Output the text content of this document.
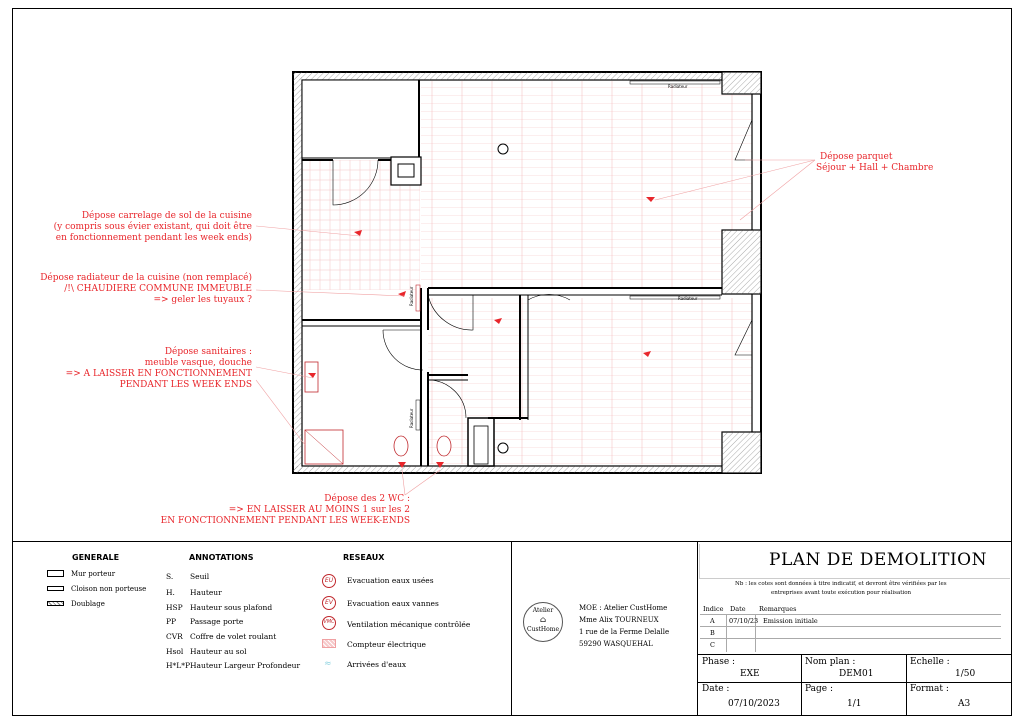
Radiateur
Radiateur
Radiateur
Radiateur
Dépose parquet
Séjour + Hall + Chambre
Dépose carrelage de sol de la cuisine
(y compris sous évier existant, qui doit être
en fonctionnement pendant les week ends)
Dépose radiateur de la cuisine (non remplacé)
/!\ CHAUDIERE COMMUNE IMMEUBLE
=> geler les tuyaux ?
Dépose sanitaires :
meuble vasque, douche
=> A LAISSER EN FONCTIONNEMENT
PENDANT LES WEEK ENDS
Dépose des 2 WC :
=> EN LAISSER AU MOINS 1 sur les 2
EN FONCTIONNEMENT PENDANT LES WEEK-ENDS
GENERALE
Mur porteur
Cloison non porteuse
Doublage
ANNOTATIONS
S. Seuil
H. Hauteur
HSP Hauteur sous plafond
PP Passage porte
CVR Coffre de volet roulant
Hsol Hauteur au sol
H*L*P Hauteur Largeur Profondeur
RESEAUX
EU	Evacuation eaux usées
EV	Evacuation eaux vannes
VMC Ventilation mécanique contrôlée
Compteur électrique
≈ Arrivées d'eaux
Atelier
⌂
CustHome
MOE : Atelier CustHome
Mme Alix TOURNEUX
1 rue de la Ferme Delalle
59290 WASQUEHAL
PLAN DE DEMOLITION
Nb : les cotes sont données à titre indicatif, et devront être vérifiées par les
entreprises avant toute exécution pour réalisation
Indice Date Remarques
A 07/10/23 Emission initiale
B
C
Phase :
EXE
Nom plan :
DEM01
Echelle :
1/50
Date :
07/10/2023
Page :
1/1
Format :
A3
